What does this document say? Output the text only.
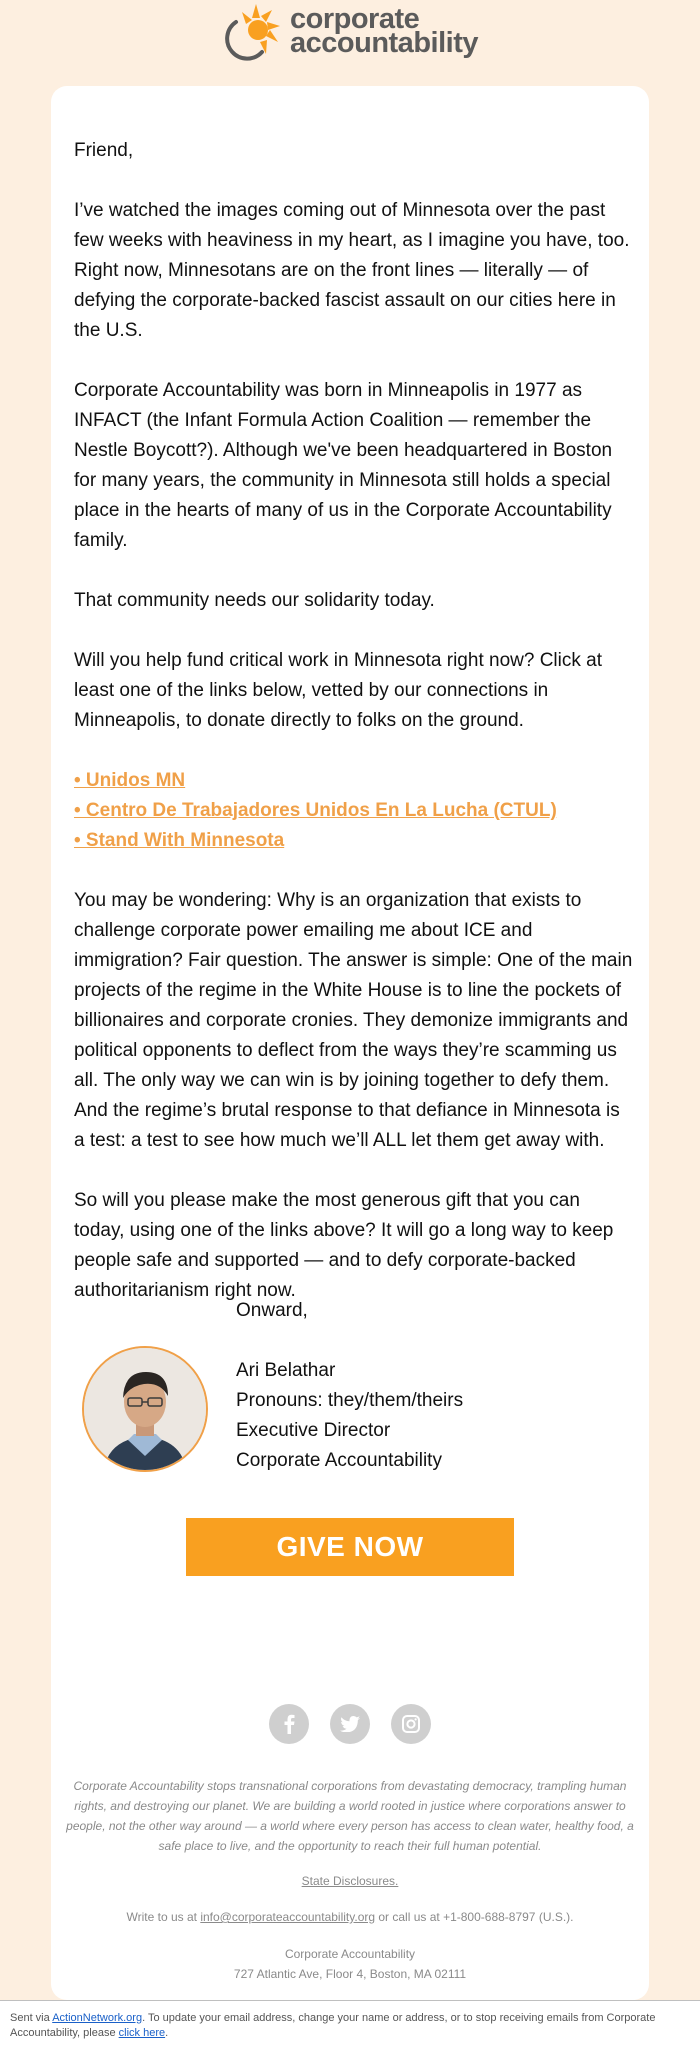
corporate
accountability

Friend,

I’ve watched the images coming out of Minnesota over the past few weeks with heaviness in my heart, as I imagine you have, too. Right now, Minnesotans are on the front lines — literally — of defying the corporate-backed fascist assault on our cities here in the U.S.

Corporate Accountability was born in Minneapolis in 1977 as INFACT (the Infant Formula Action Coalition — remember the Nestle Boycott?). Although we've been headquartered in Boston for many years, the community in Minnesota still holds a special place in the hearts of many of us in the Corporate Accountability family.

That community needs our solidarity today.

Will you help fund critical work in Minnesota right now? Click at least one of the links below, vetted by our connections in Minneapolis, to donate directly to folks on the ground.

• Unidos MN
• Centro De Trabajadores Unidos En La Lucha (CTUL)
• Stand With Minnesota

You may be wondering: Why is an organization that exists to challenge corporate power emailing me about ICE and immigration? Fair question. The answer is simple: One of the main projects of the regime in the White House is to line the pockets of billionaires and corporate cronies. They demonize immigrants and political opponents to deflect from the ways they’re scamming us all. The only way we can win is by joining together to defy them. And the regime’s brutal response to that defiance in Minnesota is a test: a test to see how much we’ll ALL let them get away with.

So will you please make the most generous gift that you can today, using one of the links above? It will go a long way to keep people safe and supported — and to defy corporate-backed authoritarianism right now.

Onward,
Ari Belathar
Pronouns: they/them/theirs
Executive Director
Corporate Accountability
GIVE NOW
Corporate Accountability stops transnational corporations from devastating democracy, trampling human rights, and destroying our planet. We are building a world rooted in justice where corporations answer to people, not the other way around — a world where every person has access to clean water, healthy food, a safe place to live, and the opportunity to reach their full human potential.
State Disclosures.
Write to us at info@corporateaccountability.org or call us at +1-800-688-8797 (U.S.).
Corporate Accountability
727 Atlantic Ave, Floor 4, Boston, MA 02111
Sent via ActionNetwork.org. To update your email address, change your name or address, or to stop receiving emails from Corporate Accountability, please click here.
